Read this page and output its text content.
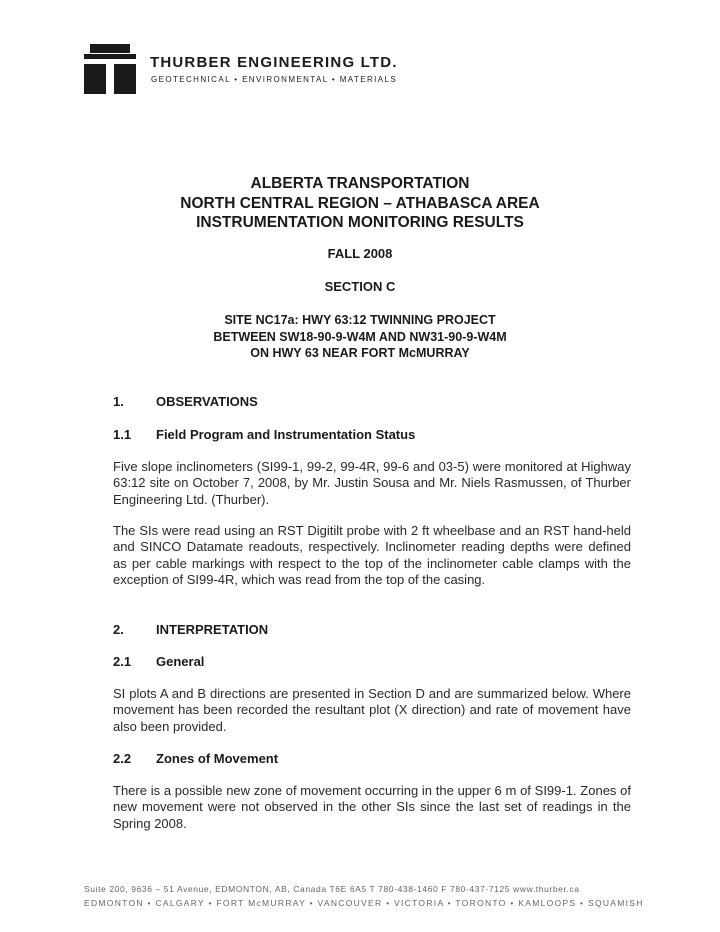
THURBER ENGINEERING LTD.
GEOTECHNICAL • ENVIRONMENTAL • MATERIALS
ALBERTA TRANSPORTATION
NORTH CENTRAL REGION – ATHABASCA AREA
INSTRUMENTATION MONITORING RESULTS
FALL 2008
SECTION C
SITE NC17a: HWY 63:12 TWINNING PROJECT
BETWEEN SW18-90-9-W4M AND NW31-90-9-W4M
ON HWY 63 NEAR FORT McMURRAY
1. OBSERVATIONS
1.1 Field Program and Instrumentation Status

Five slope inclinometers (SI99-1, 99-2, 99-4R, 99-6 and 03-5) were monitored at Highway 63:12 site on October 7, 2008, by Mr. Justin Sousa and Mr. Niels Rasmussen, of Thurber Engineering Ltd. (Thurber).

The SIs were read using an RST Digitilt probe with 2 ft wheelbase and an RST hand-held and SINCO Datamate readouts, respectively. Inclinometer reading depths were defined as per cable markings with respect to the top of the inclinometer cable clamps with the exception of SI99-4R, which was read from the top of the casing.

2. INTERPRETATION
2.1 General

SI plots A and B directions are presented in Section D and are summarized below. Where movement has been recorded the resultant plot (X direction) and rate of movement have also been provided.

2.2 Zones of Movement

There is a possible new zone of movement occurring in the upper 6 m of SI99-1. Zones of new movement were not observed in the other SIs since the last set of readings in the Spring 2008.

Suite 200, 9636 – 51 Avenue, EDMONTON, AB, Canada T6E 6A5 T 780-438-1460 F 780-437-7125 www.thurber.ca
EDMONTON • CALGARY • FORT McMURRAY • VANCOUVER • VICTORIA • TORONTO • KAMLOOPS • SQUAMISH
